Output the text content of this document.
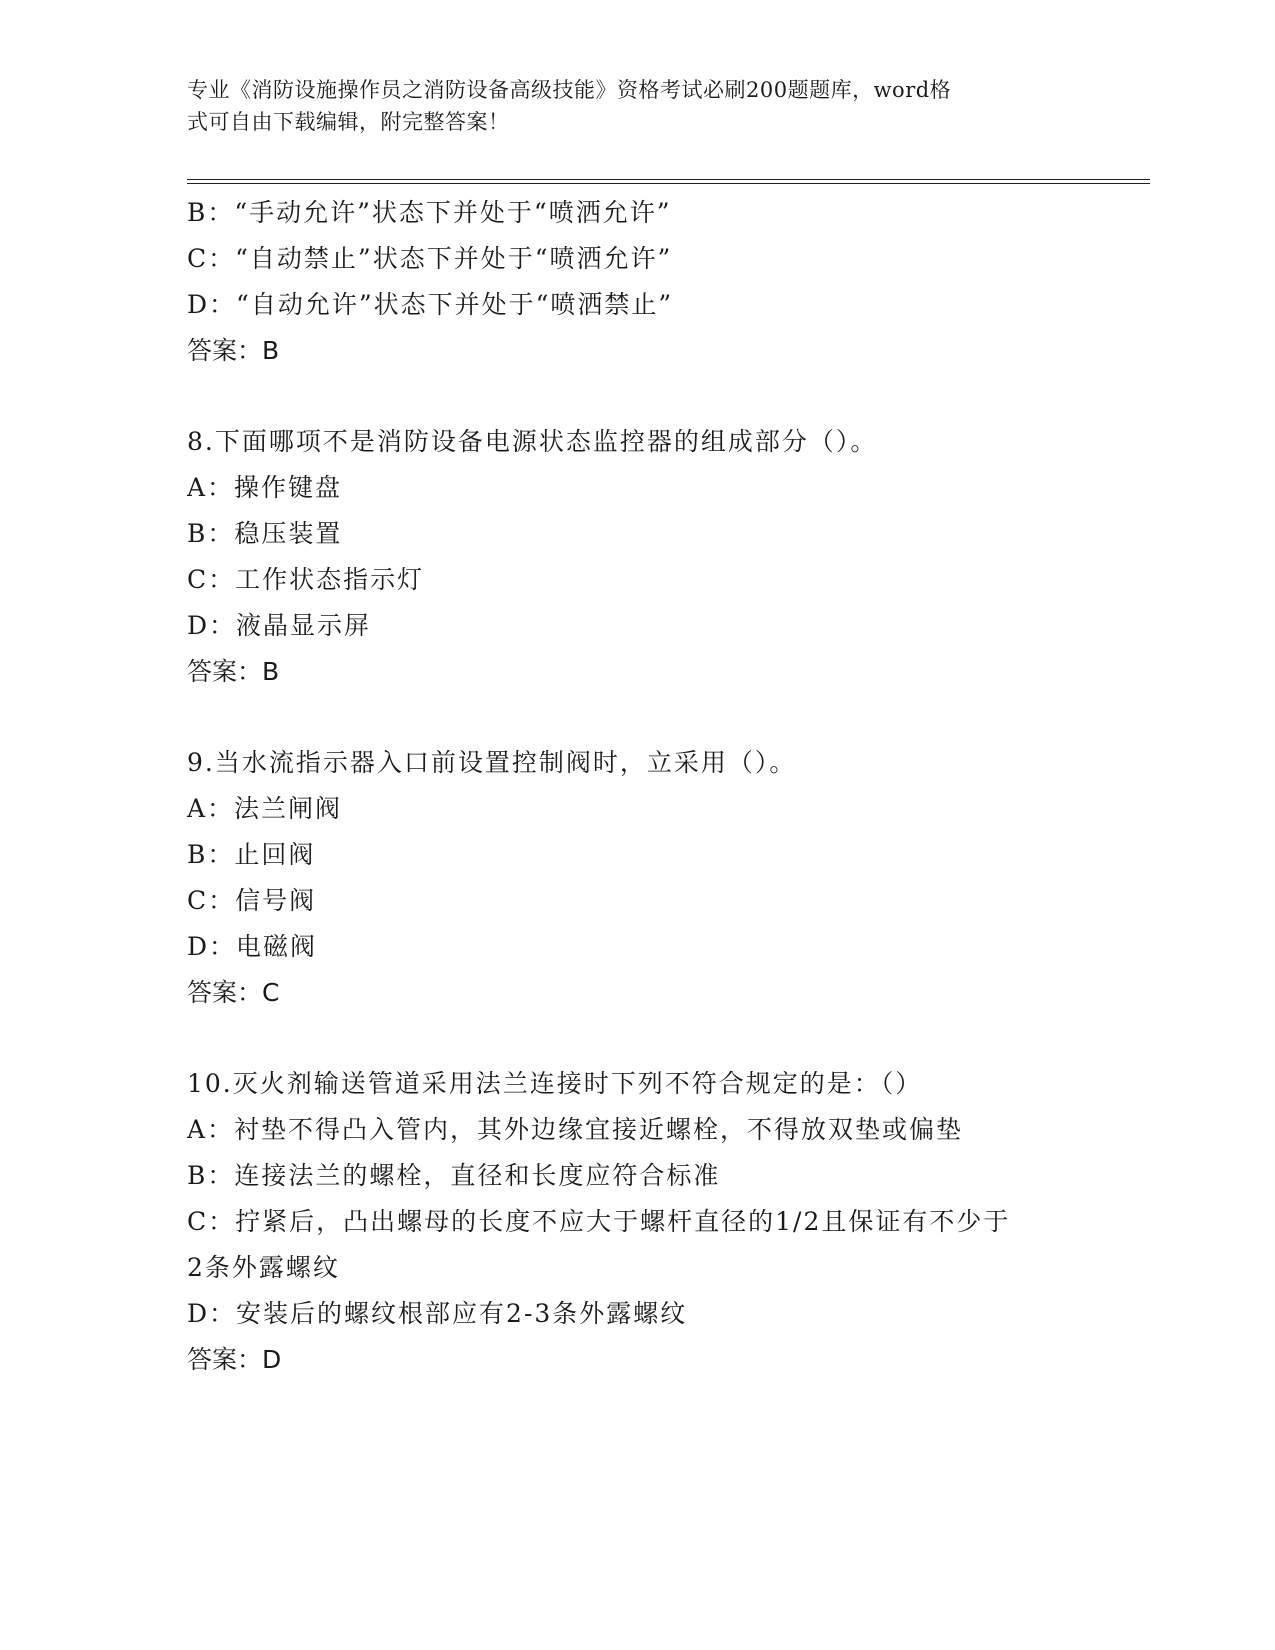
专业《消防设施操作员之消防设备高级技能》资格考试必刷200题题库，word格
式可自由下载编辑，附完整答案！
B：“手动允许”状态下并处于“喷洒允许”
C：“自动禁止”状态下并处于“喷洒允许”
D：“自动允许”状态下并处于“喷洒禁止”
答案：B
8.下面哪项不是消防设备电源状态监控器的组成部分（）。
A：操作键盘
B：稳压装置
C：工作状态指示灯
D：液晶显示屏
答案：B
9.当水流指示器入口前设置控制阀时，立采用（）。
A：法兰闸阀
B：止回阀
C：信号阀
D：电磁阀
答案：C
10.灭火剂输送管道采用法兰连接时下列不符合规定的是：（）
A：衬垫不得凸入管内，其外边缘宜接近螺栓，不得放双垫或偏垫
B：连接法兰的螺栓，直径和长度应符合标准
C：拧紧后，凸出螺母的长度不应大于螺杆直径的1/2且保证有不少于
2条外露螺纹
D：安装后的螺纹根部应有2-3条外露螺纹
答案：D
